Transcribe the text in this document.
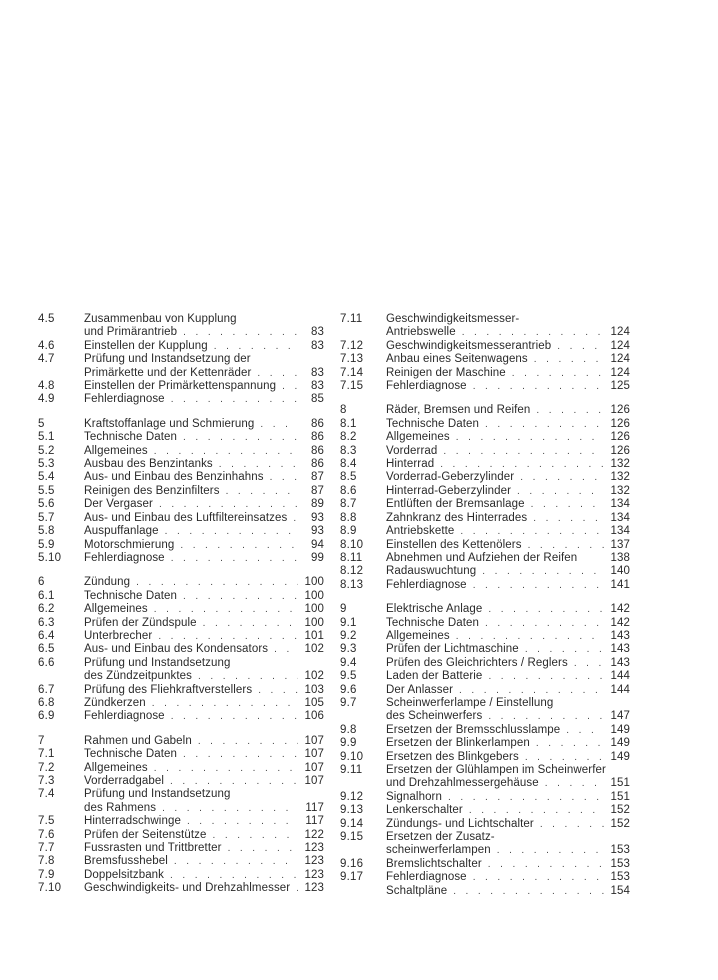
4.5	Zusammenbau von Kupplung
und Primärantrieb . . .	83
4.6	Einstellen der Kupplung . . .	83
4.7	Prüfung und Instandsetzung der
Primärkette und der Kettenräder . . .	83
4.8	Einstellen der Primärkettenspannung . . .	83
4.9	Fehlerdiagnose . . .	85
5	Kraftstoffanlage und Schmierung . . .	86
5.1	Technische Daten . . .	86
5.2	Allgemeines . . .	86
5.3	Ausbau des Benzintanks . . .	86
5.4	Aus- und Einbau des Benzinhahns . . .	87
5.5	Reinigen des Benzinfilters . . .	87
5.6	Der Vergaser . . .	89
5.7	Aus- und Einbau des Luftfiltereinsatzes . . .	93
5.8	Auspuffanlage . . .	93
5.9	Motorschmierung . . .	94
5.10	Fehlerdiagnose . . .	99
6	Zündung . . .	100
6.1	Technische Daten . . .	100
6.2	Allgemeines . . .	100
6.3	Prüfen der Zündspule . . .	100
6.4	Unterbrecher . . .	101
6.5	Aus- und Einbau des Kondensators . . .	102
6.6	Prüfung und Instandsetzung
des Zündzeitpunktes . . .	102
6.7	Prüfung des Fliehkraftverstellers . . .	103
6.8	Zündkerzen . . .	105
6.9	Fehlerdiagnose . . .	106
7	Rahmen und Gabeln . . .	107
7.1	Technische Daten . . .	107
7.2	Allgemeines . . .	107
7.3	Vorderradgabel . . .	107
7.4	Prüfung und Instandsetzung
des Rahmens . . .	117
7.5	Hinterradschwinge . . .	117
7.6	Prüfen der Seitenstütze . . .	122
7.7	Fussrasten und Trittbretter . . .	123
7.8	Bremsfusshebel . . .	123
7.9	Doppelsitzbank . . .	123
7.10	Geschwindigkeits- und Drehzahlmesser . . .	123
7.11	Geschwindigkeitsmesser-
Antriebswelle . . .	124
7.12	Geschwindigkeitsmesserantrieb . . .	124
7.13	Anbau eines Seitenwagens . . .	124
7.14	Reinigen der Maschine . . .	124
7.15	Fehlerdiagnose . . .	125
8	Räder, Bremsen und Reifen . . .	126
8.1	Technische Daten . . .	126
8.2	Allgemeines . . .	126
8.3	Vorderrad . . .	126
8.4	Hinterrad . . .	132
8.5	Vorderrad-Geberzylinder . . .	132
8.6	Hinterrad-Geberzylinder . . .	132
8.7	Entlüften der Bremsanlage . . .	134
8.8	Zahnkranz des Hinterrades . . .	134
8.9	Antriebskette . . .	134
8.10	Einstellen des Kettenölers . . .	137
8.11	Abnehmen und Aufziehen der Reifen	138
8.12	Radauswuchtung . . .	140
8.13	Fehlerdiagnose . . .	141
9	Elektrische Anlage . . .	142
9.1	Technische Daten . . .	142
9.2	Allgemeines . . .	143
9.3	Prüfen der Lichtmaschine . . .	143
9.4	Prüfen des Gleichrichters / Reglers . . .	143
9.5	Laden der Batterie . . .	144
9.6	Der Anlasser . . .	144
9.7	Scheinwerferlampe / Einstellung
des Scheinwerfers . . .	147
9.8	Ersetzen der Bremsschlusslampe . . .	149
9.9	Ersetzen der Blinkerlampen . . .	149
9.10	Ersetzen des Blinkgebers . . .	149
9.11	Ersetzen der Glühlampen im Scheinwerfer
und Drehzahlmessergehäuse . . .	151
9.12	Signalhorn . . .	151
9.13	Lenkerschalter . . .	152
9.14	Zündungs- und Lichtschalter . . .	152
9.15	Ersetzen der Zusatz-
scheinwerferlampen . . .	153
9.16	Bremslichtschalter . . .	153
9.17	Fehlerdiagnose . . .	153
Schaltpläne . . .	154
